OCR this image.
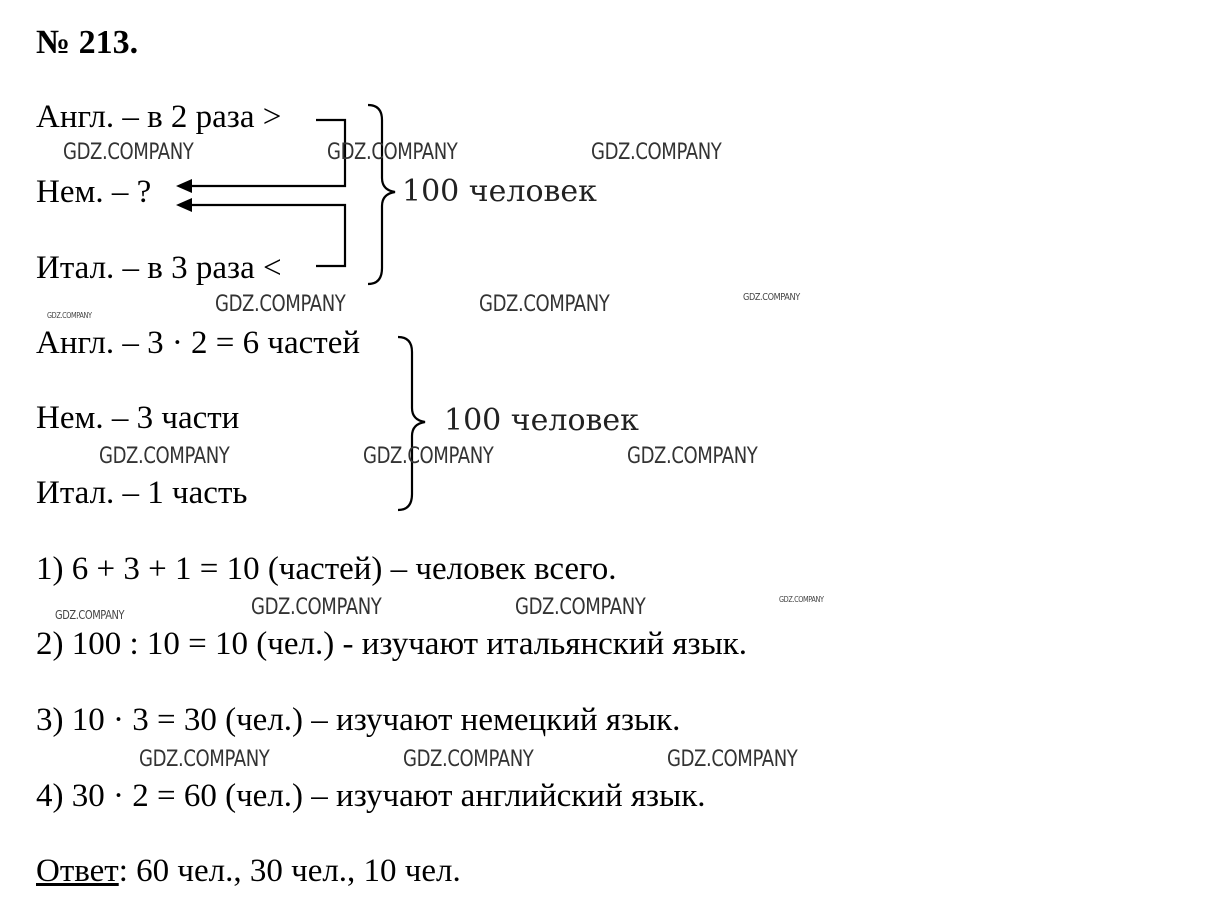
№ 213.
Англ. – в 2 раза >
Нем. – ?
Итал. – в 3 раза <
100 человек
Англ. – 3 · 2 = 6 частей
Нем. – 3 части
Итал. – 1 часть
100 человек
1) 6 + 3 + 1 = 10 (частей) – человек всего.
2) 100 : 10 = 10 (чел.) - изучают итальянский язык.
3) 10 · 3 = 30 (чел.) – изучают немецкий язык.
4) 30 · 2 = 60 (чел.) – изучают английский язык.
Ответ: 60 чел., 30 чел., 10 чел.
GDZ.COMPANY	GDZ.COMPANY	GDZ.COMPANY
GDZ.COMPANY	GDZ.COMPANY	GDZ.COMPANY
GDZ.COMPANY
GDZ.COMPANY	GDZ.COMPANY	GDZ.COMPANY
GDZ.COMPANY	GDZ.COMPANY	GDZ.COMPANY	GDZ.COMPANY
GDZ.COMPANY	GDZ.COMPANY	GDZ.COMPANY
